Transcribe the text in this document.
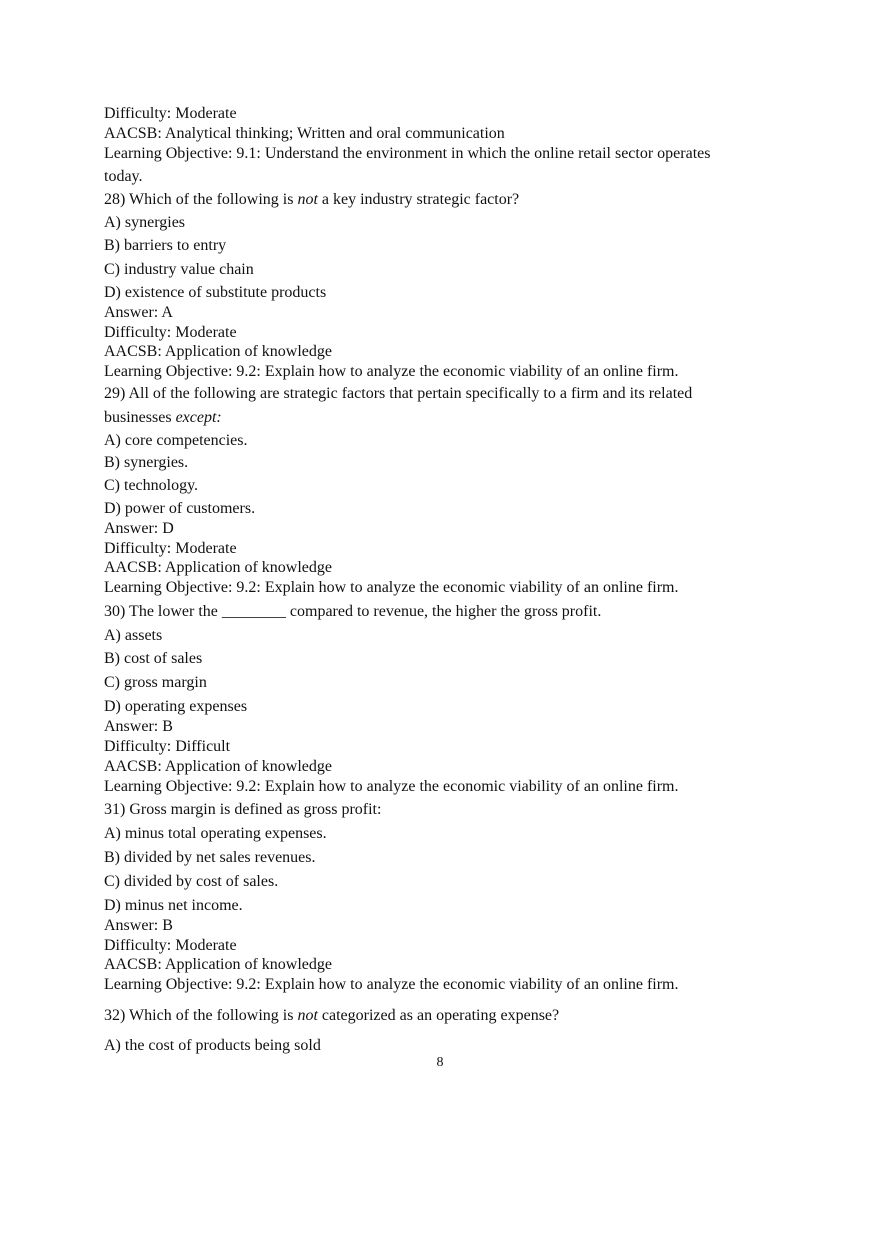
Difficulty: Moderate
AACSB: Analytical thinking; Written and oral communication
Learning Objective: 9.1: Understand the environment in which the online retail sector operates
today.
28) Which of the following is not a key industry strategic factor?
A) synergies
B) barriers to entry
C) industry value chain
D) existence of substitute products
Answer: A
Difficulty: Moderate
AACSB: Application of knowledge
Learning Objective: 9.2: Explain how to analyze the economic viability of an online firm.
29) All of the following are strategic factors that pertain specifically to a firm and its related
businesses except:
A) core competencies.
B) synergies.
C) technology.
D) power of customers.
Answer: D
Difficulty: Moderate
AACSB: Application of knowledge
Learning Objective: 9.2: Explain how to analyze the economic viability of an online firm.
30) The lower the ________ compared to revenue, the higher the gross profit.
A) assets
B) cost of sales
C) gross margin
D) operating expenses
Answer: B
Difficulty: Difficult
AACSB: Application of knowledge
Learning Objective: 9.2: Explain how to analyze the economic viability of an online firm.
31) Gross margin is defined as gross profit:
A) minus total operating expenses.
B) divided by net sales revenues.
C) divided by cost of sales.
D) minus net income.
Answer: B
Difficulty: Moderate
AACSB: Application of knowledge
Learning Objective: 9.2: Explain how to analyze the economic viability of an online firm.
32) Which of the following is not categorized as an operating expense?
A) the cost of products being sold
8
